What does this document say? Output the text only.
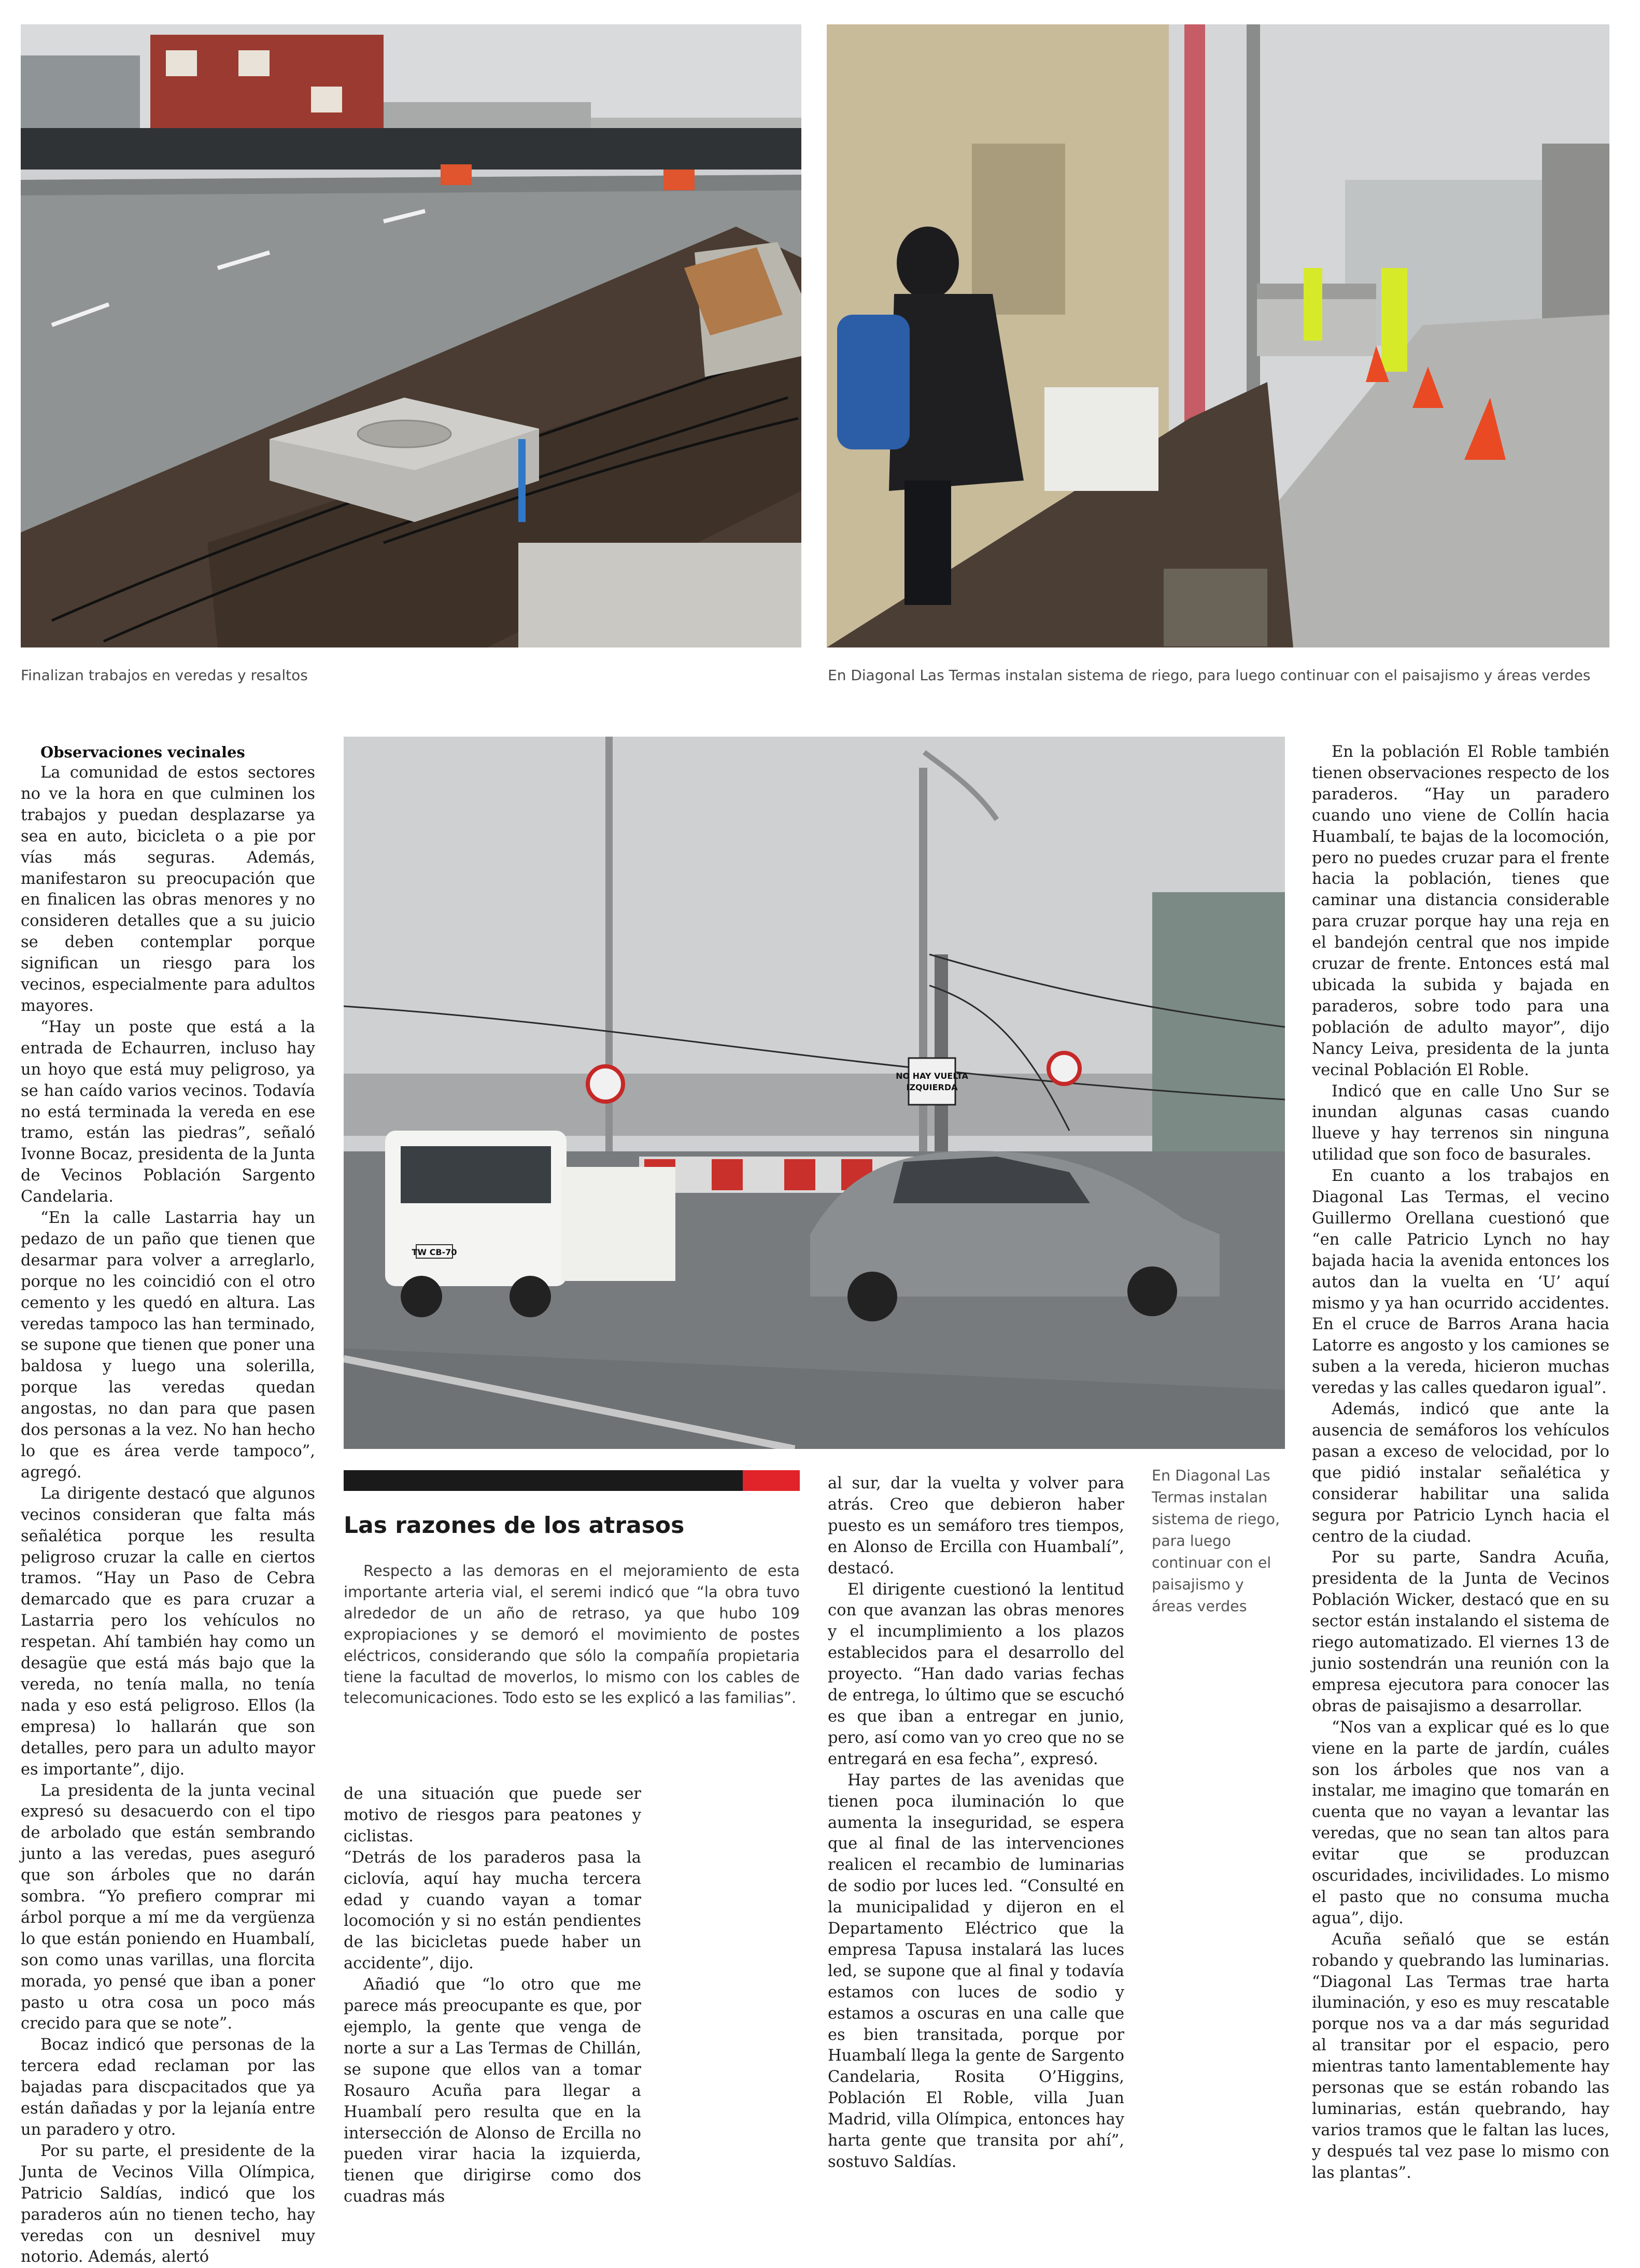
Finalizan trabajos en veredas y resaltos	En Diagonal Las Termas instalan sistema de riego, para luego continuar con el paisajismo y áreas verdes

NO HAY VUELTA
IZQUIERDA
TW CB-70

Observaciones vecinales

La comunidad de estos sectores no ve la hora en que culminen los trabajos y puedan desplazarse ya sea en auto, bicicleta o a pie por vías más seguras. Además, manifestaron su preocupación que en finalicen las obras menores y no consideren detalles que a su juicio se deben contemplar porque significan un riesgo para los vecinos, especialmente para adultos mayores.

“Hay un poste que está a la entrada de Echaurren, incluso hay un hoyo que está muy peligroso, ya se han caído varios vecinos. Todavía no está terminada la vereda en ese tramo, están las piedras”, señaló Ivonne Bocaz, presidenta de la Junta de Vecinos Población Sargento Candelaria.

“En la calle Lastarria hay un pedazo de un paño que tienen que desarmar para volver a arreglarlo, porque no les coincidió con el otro cemento y les quedó en altura. Las veredas tampoco las han terminado, se supone que tienen que poner una baldosa y luego una solerilla, porque las veredas quedan angostas, no dan para que pasen dos personas a la vez. No han hecho lo que es área verde tampoco”, agregó.

La dirigente destacó que algunos vecinos consideran que falta más señalética porque les resulta peligroso cruzar la calle en ciertos tramos. “Hay un Paso de Cebra demarcado que es para cruzar a Lastarria pero los vehículos no respetan. Ahí también hay como un desagüe que está más bajo que la vereda, no tenía malla, no tenía nada y eso está peligroso. Ellos (la empresa) lo hallarán que son detalles, pero para un adulto mayor es importante”, dijo.

La presidenta de la junta vecinal expresó su desacuerdo con el tipo de arbolado que están sembrando junto a las veredas, pues aseguró que son árboles que no darán sombra. “Yo prefiero comprar mi árbol porque a mí me da vergüenza lo que están poniendo en Huambalí, son como unas varillas, una florcita morada, yo pensé que iban a poner pasto u otra cosa un poco más crecido para que se note”.

Bocaz indicó que personas de la tercera edad reclaman por las bajadas para discpacitados que ya están dañadas y por la lejanía entre un paradero y otro.

Por su parte, el presidente de la Junta de Vecinos Villa Olímpica, Patricio Saldías, indicó que los paraderos aún no tienen techo, hay veredas con un desnivel muy notorio. Además, alertó

Las razones de los atrasos

Respecto a las demoras en el mejoramiento de esta importante arteria vial, el seremi indicó que “la obra tuvo alrededor de un año de retraso, ya que hubo 109 expropiaciones y se demoró el movimiento de postes eléctricos, considerando que sólo la compañía propietaria tiene la facultad de moverlos, lo mismo con los cables de telecomunicaciones. Todo esto se les explicó a las familias”.

de una situación que puede ser motivo de riesgos para peatones y ciclistas.

“Detrás de los paraderos pasa la ciclovía, aquí hay mucha tercera edad y cuando vayan a tomar locomoción y si no están pendientes de las bicicletas puede haber un accidente”, dijo.

Añadió que “lo otro que me parece más preocupante es que, por ejemplo, la gente que venga de norte a sur a Las Termas de Chillán, se supone que ellos van a tomar Rosauro Acuña para llegar a Huambalí pero resulta que en la intersección de Alonso de Ercilla no pueden virar hacia la izquierda, tienen que dirigirse como dos cuadras más

al sur, dar la vuelta y volver para atrás. Creo que debieron haber puesto es un semáforo tres tiempos, en Alonso de Ercilla con Huambalí”, destacó.

El dirigente cuestionó la lentitud con que avanzan las obras menores y el incumplimiento a los plazos establecidos para el desarrollo del proyecto. “Han dado varias fechas de entrega, lo último que se escuchó es que iban a entregar en junio, pero, así como van yo creo que no se entregará en esa fecha”, expresó.

Hay partes de las avenidas que tienen poca iluminación lo que aumenta la inseguridad, se espera que al final de las intervenciones realicen el recambio de luminarias de sodio por luces led. “Consulté en la municipalidad y dijeron en el Departamento Eléctrico que la empresa Tapusa instalará las luces led, se supone que al final y todavía estamos con luces de sodio y estamos a oscuras en una calle que es bien transitada, porque por Huambalí llega la gente de Sargento Candelaria, Rosita O’Higgins, Población El Roble, villa Juan Madrid, villa Olímpica, entonces hay harta gente que transita por ahí”, sostuvo Saldías.

En Diagonal Las Termas instalan sistema de riego, para luego continuar con el paisajismo y áreas verdes

En la población El Roble también tienen observaciones respecto de los paraderos. “Hay un paradero cuando uno viene de Collín hacia Huambalí, te bajas de la locomoción, pero no puedes cruzar para el frente hacia la población, tienes que caminar una distancia considerable para cruzar porque hay una reja en el bandejón central que nos impide cruzar de frente. Entonces está mal ubicada la subida y bajada en paraderos, sobre todo para una población de adulto mayor”, dijo Nancy Leiva, presidenta de la junta vecinal Población El Roble.

Indicó que en calle Uno Sur se inundan algunas casas cuando llueve y hay terrenos sin ninguna utilidad que son foco de basurales.

En cuanto a los trabajos en Diagonal Las Termas, el vecino Guillermo Orellana cuestionó que “en calle Patricio Lynch no hay bajada hacia la avenida entonces los autos dan la vuelta en ‘U’ aquí mismo y ya han ocurrido accidentes. En el cruce de Barros Arana hacia Latorre es angosto y los camiones se suben a la vereda, hicieron muchas veredas y las calles quedaron igual”.

Además, indicó que ante la ausencia de semáforos los vehículos pasan a exceso de velocidad, por lo que pidió instalar señalética y considerar habilitar una salida segura por Patricio Lynch hacia el centro de la ciudad.

Por su parte, Sandra Acuña, presidenta de la Junta de Vecinos Población Wicker, destacó que en su sector están instalando el sistema de riego automatizado. El viernes 13 de junio sostendrán una reunión con la empresa ejecutora para conocer las obras de paisajismo a desarrollar.

“Nos van a explicar qué es lo que viene en la parte de jardín, cuáles son los árboles que nos van a instalar, me imagino que tomarán en cuenta que no vayan a levantar las veredas, que no sean tan altos para evitar que se produzcan oscuridades, incivilidades. Lo mismo el pasto que no consuma mucha agua”, dijo.

Acuña señaló que se están robando y quebrando las luminarias. “Diagonal Las Termas trae harta iluminación, y eso es muy rescatable porque nos va a dar más seguridad al transitar por el espacio, pero mientras tanto lamentablemente hay personas que se están robando las luminarias, están quebrando, hay varios tramos que le faltan las luces, y después tal vez pase lo mismo con las plantas”.
